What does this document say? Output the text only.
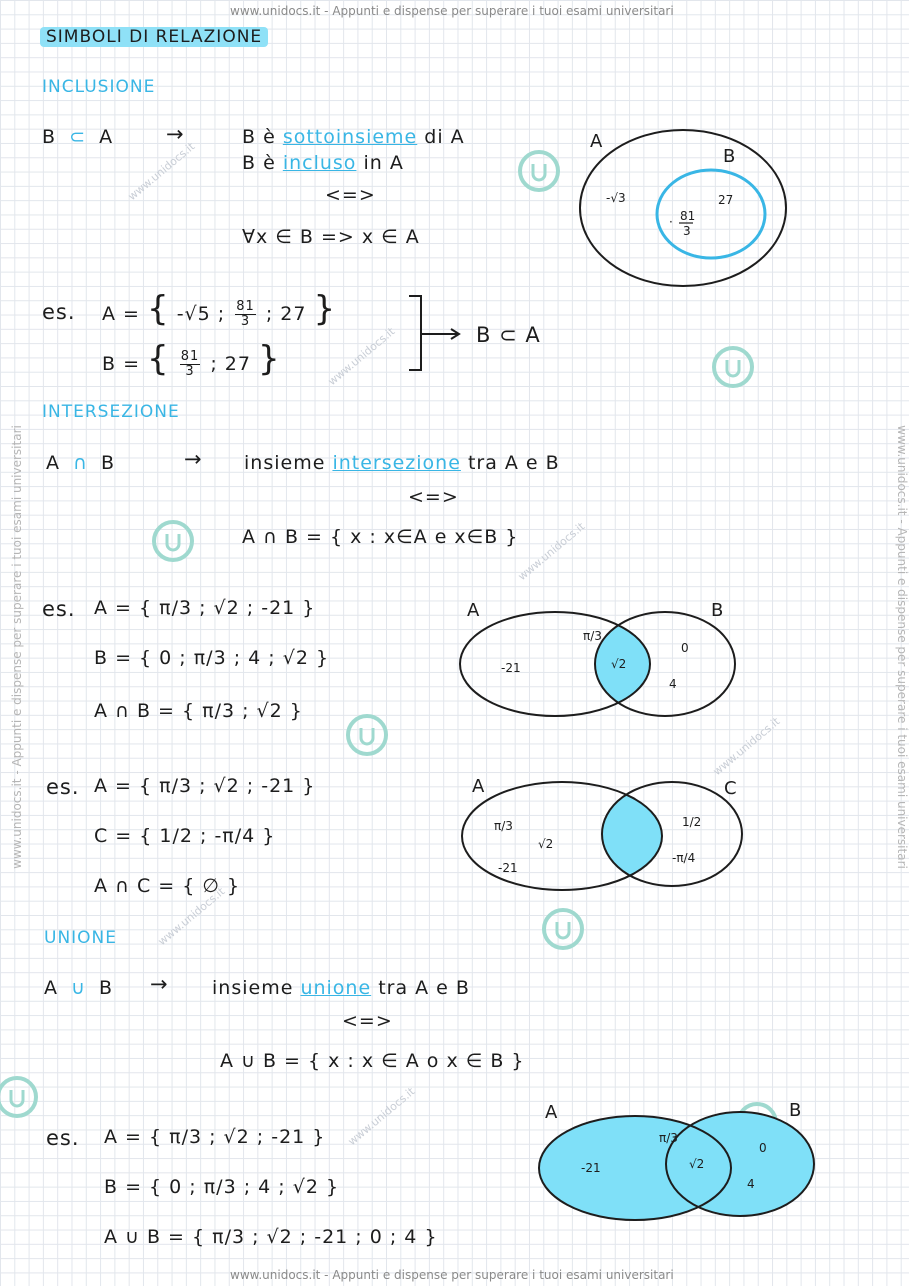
www.unidocs.it - Appunti e dispense per superare i tuoi esami universitari
www.unidocs.it - Appunti e dispense per superare i tuoi esami universitari
www.unidocs.it - Appunti e dispense per superare i tuoi esami universitari	www.unidocs.it - Appunti e dispense per superare i tuoi esami universitari
www.unidocs.it
www.unidocs.it
www.unidocs.it
www.unidocs.it
www.unidocs.it
www.unidocs.it
SIMBOLI DI RELAZIONE
INCLUSIONE
B ⊂ A	→	B è sottoinsieme di A
B è incluso in A
<=>
∀x ∈ B => x ∈ A
es. A = { -√5 ; $\frac{81}{3}$ ; 27 }
B = { $\frac{81}{3}$ ; 27 }
B ⊂ A
A
B
-√3
81
3
·
27
INTERSEZIONE
A ∩ B	→ insieme intersezione tra A e B
<=>
A ∩ B = { x : x∈A e x∈B }
es. A = { π/3 ; √2 ; -21 }
B = { 0 ; π/3 ; 4 ; √2 }
A ∩ B = { π/3 ; √2 }
A	B
-21
π/3
√2
0
4
es. A = { π/3 ; √2 ; -21 }
C = { 1/2 ; -π/4 }
A ∩ C = { ∅ }
A	C
π/3
√2
-21
1/2
-π/4
UNIONE
A ∪ B → insieme unione tra A e B
<=>
A ∪ B = { x : x ∈ A o x ∈ B }
es. A = { π/3 ; √2 ; -21 }
B = { 0 ; π/3 ; 4 ; √2 }
A ∪ B = { π/3 ; √2 ; -21 ; 0 ; 4 }
A	B
-21
π/3
√2
0
4
